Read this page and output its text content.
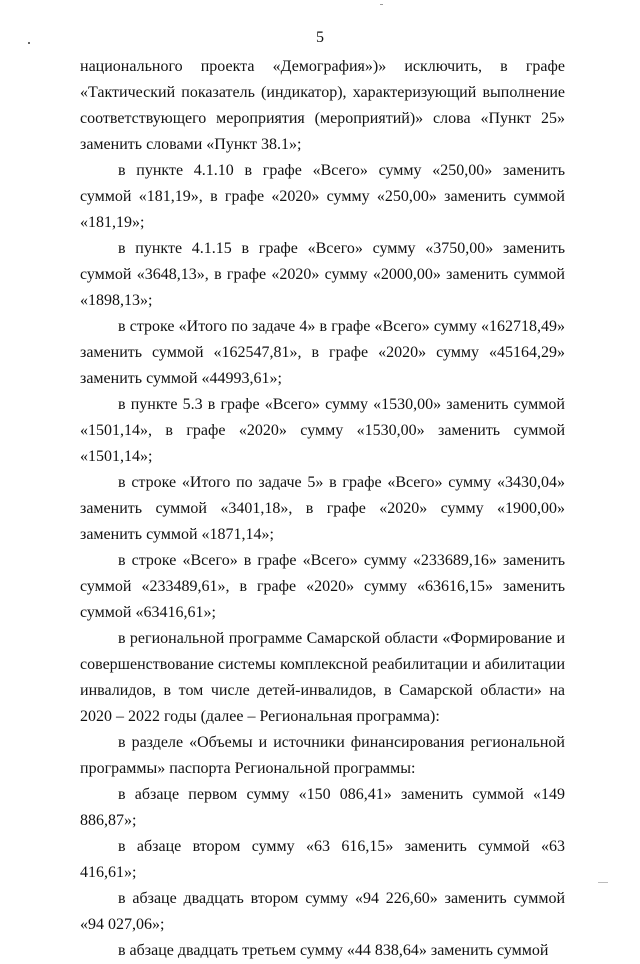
5

национального проекта «Демография»)» исключить, в графе «Тактический показатель (индикатор), характеризующий выполнение соответствующего мероприятия (мероприятий)» слова «Пункт 25» заменить словами «Пункт 38.1»;

в пункте 4.1.10 в графе «Всего» сумму «250,00» заменить суммой «181,19», в графе «2020» сумму «250,00» заменить суммой «181,19»;

в пункте 4.1.15 в графе «Всего» сумму «3750,00» заменить суммой «3648,13», в графе «2020» сумму «2000,00» заменить суммой «1898,13»;

в строке «Итого по задаче 4» в графе «Всего» сумму «162718,49» заменить суммой «162547,81», в графе «2020» сумму «45164,29» заменить суммой «44993,61»;

в пункте 5.3 в графе «Всего» сумму «1530,00» заменить суммой «1501,14», в графе «2020» сумму «1530,00» заменить суммой «1501,14»;

в строке «Итого по задаче 5» в графе «Всего» сумму «3430,04» заменить суммой «3401,18», в графе «2020» сумму «1900,00» заменить суммой «1871,14»;

в строке «Всего» в графе «Всего» сумму «233689,16» заменить суммой «233489,61», в графе «2020» сумму «63616,15» заменить суммой «63416,61»;

в региональной программе Самарской области «Формирование и совершенствование системы комплексной реабилитации и абилитации инвалидов, в том числе детей-инвалидов, в Самарской области» на 2020 – 2022 годы (далее – Региональная программа):

в разделе «Объемы и источники финансирования региональной программы» паспорта Региональной программы:

в абзаце первом сумму «150 086,41» заменить суммой «149 886,87»;

в абзаце втором сумму «63 616,15» заменить суммой «63 416,61»;

в абзаце двадцать втором сумму «94 226,60» заменить суммой «94 027,06»;

в абзаце двадцать третьем сумму «44 838,64» заменить суммой
